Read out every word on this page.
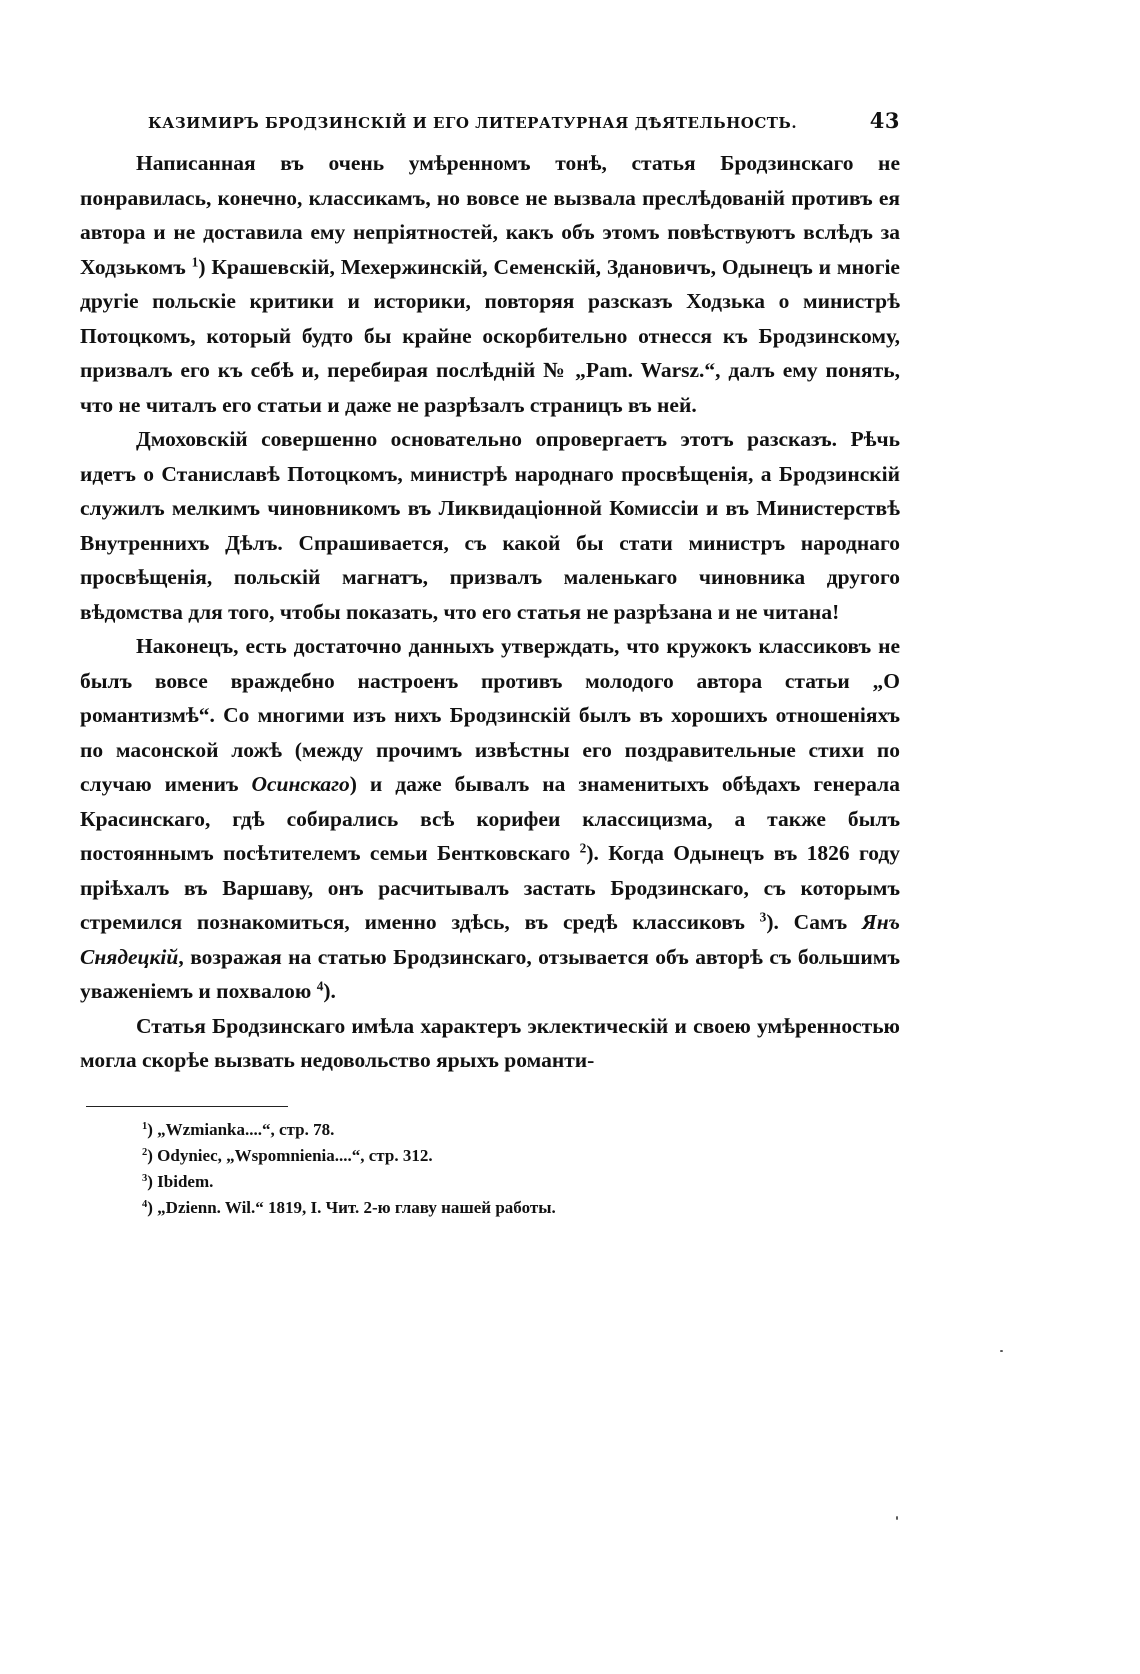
КАЗИМИРЪ БРОДЗИНСКІЙ И ЕГО ЛИТЕРАТУРНАЯ ДѢЯТЕЛЬНОСТЬ.	43

Написанная въ очень умѣренномъ тонѣ, статья Бродзинскаго не понравилась, конечно, классикамъ, но вовсе не вызвала преслѣдованій противъ ея автора и не доставила ему непріятностей, какъ объ этомъ повѣствуютъ вслѣдъ за Ходзькомъ $^1$) Крашевскій, Мехержинскій, Семенскій, Здановичъ, Одынецъ и многіе другіе польскіе критики и историки, повторяя разсказъ Ходзька о министрѣ Потоцкомъ, который будто бы крайне оскорбительно отнесся къ Бродзинскому, призвалъ его къ себѣ и, перебирая послѣдній № „Pam. Warsz.“, далъ ему понять, что не читалъ его статьи и даже не разрѣзалъ страницъ въ ней.

Дмоховскій совершенно основательно опровергаетъ этотъ разсказъ. Рѣчь идетъ о Станиславѣ Потоцкомъ, министрѣ народнаго просвѣщенія, а Бродзинскій служилъ мелкимъ чиновникомъ въ Ликвидаціонной Комиссіи и въ Министерствѣ Внутреннихъ Дѣлъ. Спрашивается, съ какой бы стати министръ народнаго просвѣщенія, польскій магнатъ, призвалъ маленькаго чиновника другого вѣдомства для того, чтобы показать, что его статья не разрѣзана и не читана!

Наконецъ, есть достаточно данныхъ утверждать, что кружокъ классиковъ не былъ вовсе враждебно настроенъ противъ молодого автора статьи „О романтизмѣ“. Со многими изъ нихъ Бродзинскій былъ въ хорошихъ отношеніяхъ по масонской ложѣ (между прочимъ извѣстны его поздравительные стихи по случаю имениъ Осинскаго) и даже бывалъ на знаменитыхъ обѣдахъ генерала Красинскаго, гдѣ собирались всѣ корифеи классицизма, а также былъ постояннымъ посѣтителемъ семьи Бентковскаго $^2$). Когда Одынецъ въ 1826 году пріѣхалъ въ Варшаву, онъ расчитывалъ застать Бродзинскаго, съ которымъ стремился познакомиться, именно здѣсь, въ средѣ классиковъ $^3$). Самъ Янъ Снядецкій, возражая на статью Бродзинскаго, отзывается объ авторѣ съ большимъ уваженіемъ и похвалою $^4$).

Статья Бродзинскаго имѣла характеръ эклектическій и своею умѣренностью могла скорѣе вызвать недовольство ярыхъ романти-

$^1$) „Wzmianka....“, стр. 78.
$^2$) Odyniec, „Wspomnienia....“, стр. 312.
$^3$) Ibidem.
$^4$) „Dzienn. Wil.“ 1819, I. Чит. 2-ю главу нашей работы.
